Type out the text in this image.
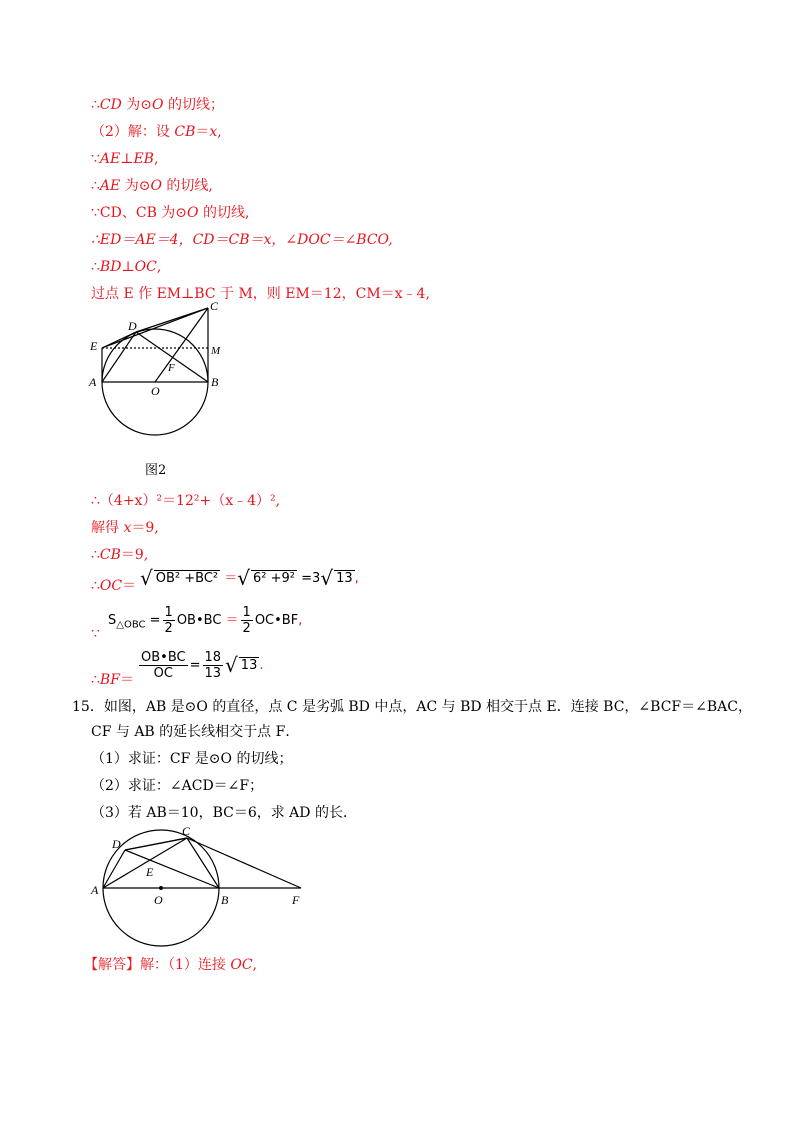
∴CD 为⊙O 的切线；
（2）解：设 CB＝x,
∵AE⊥EB,
∴AE 为⊙O 的切线,
∵CD、CB 为⊙O 的切线,
∴ED＝AE＝4，CD＝CB＝x，∠DOC＝∠BCO,
∴BD⊥OC,
过点 E 作 EM⊥BC 于 M，则 EM＝12，CM＝x﹣4,
C
D
E	M
F
A
O
B
图2
∴（4+x）²＝12²+（x﹣4）²,
解得 x＝9,
∴CB＝9,
∴OC＝ √ OB² +BC² ＝√ 6² +9² =3√ 13 ,
∵
$S_{\triangle OBC} = \frac{1}{2}$ OB•BC ＝ $\frac{1}{2}$ OC•BF,
∴BF＝ $\frac{OB•BC}{OC} = \frac{18}{13}$ √ 13 .
15．如图，AB 是⊙O 的直径，点 C 是劣弧 BD 中点，AC 与 BD 相交于点 E．连接 BC，∠BCF＝∠BAC，
CF 与 AB 的延长线相交于点 F．
（1）求证：CF 是⊙O 的切线；
（2）求证：∠ACD＝∠F；
（3）若 AB＝10，BC＝6，求 AD 的长．
C
D
E
A
O	B	F
【解答】解：（1）连接 OC,
